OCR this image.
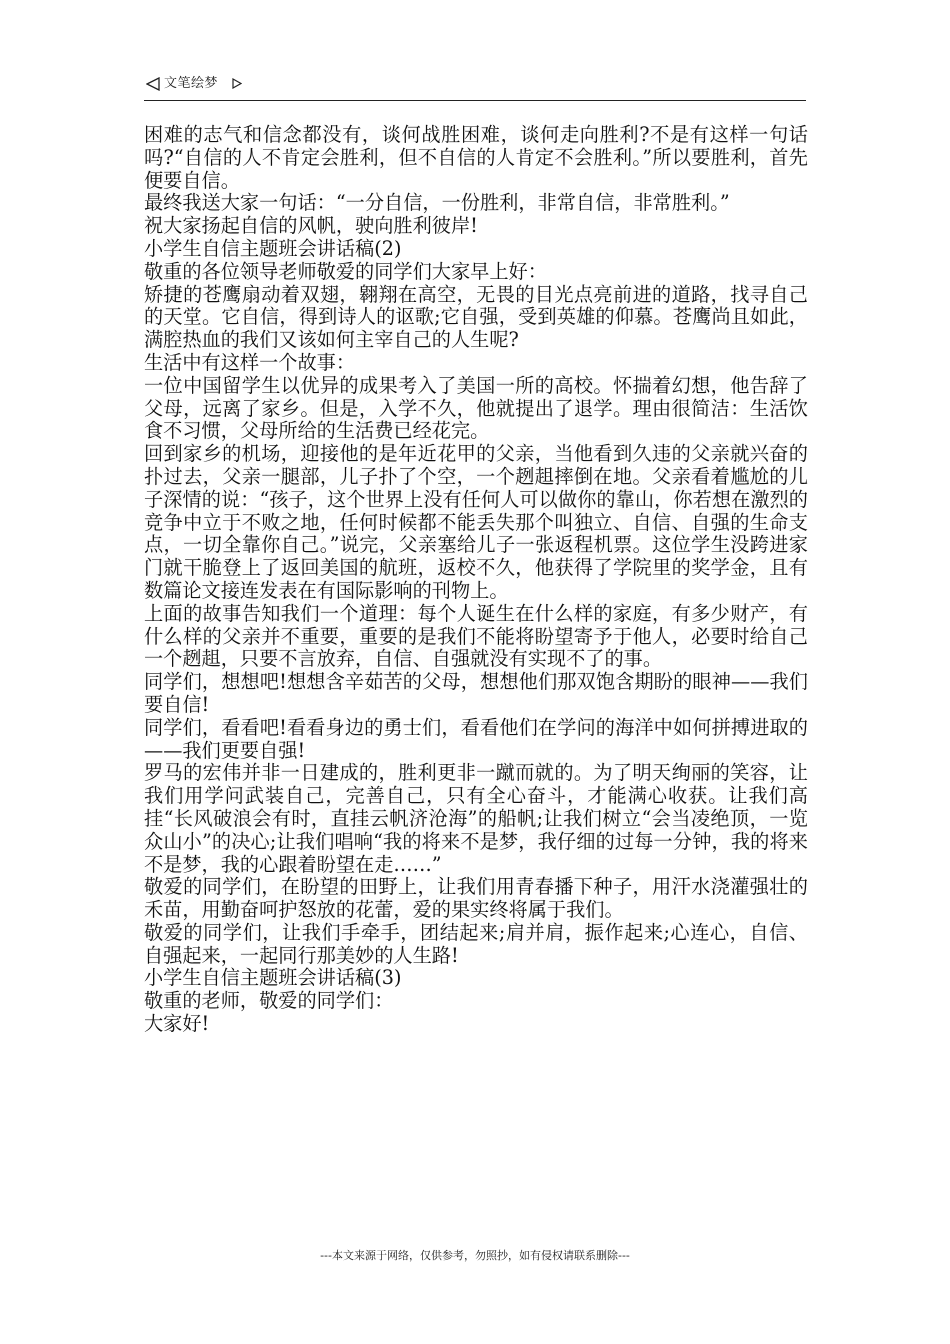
文笔绘梦

困难的志气和信念都没有，谈何战胜困难，谈何走向胜利?不是有这样一句话吗?“自信的人不肯定会胜利，但不自信的人肯定不会胜利。”所以要胜利，首先便要自信。

最终我送大家一句话：“一分自信，一份胜利，非常自信，非常胜利。”

祝大家扬起自信的风帆，驶向胜利彼岸!

小学生自信主题班会讲话稿(2)

敬重的各位领导老师敬爱的同学们大家早上好：

矫捷的苍鹰扇动着双翅，翱翔在高空，无畏的目光点亮前进的道路，找寻自己的天堂。它自信，得到诗人的讴歌;它自强，受到英雄的仰慕。苍鹰尚且如此，满腔热血的我们又该如何主宰自己的人生呢?

生活中有这样一个故事：

一位中国留学生以优异的成果考入了美国一所的高校。怀揣着幻想，他告辞了父母，远离了家乡。但是，入学不久，他就提出了退学。理由很简洁：生活饮食不习惯，父母所给的生活费已经花完。

回到家乡的机场，迎接他的是年近花甲的父亲，当他看到久违的父亲就兴奋的扑过去，父亲一腿部，儿子扑了个空，一个趔趄摔倒在地。父亲看着尴尬的儿子深情的说：“孩子，这个世界上没有任何人可以做你的靠山，你若想在激烈的竞争中立于不败之地，任何时候都不能丢失那个叫独立、自信、自强的生命支点，一切全靠你自己。”说完，父亲塞给儿子一张返程机票。这位学生没跨进家门就干脆登上了返回美国的航班，返校不久，他获得了学院里的奖学金，且有数篇论文接连发表在有国际影响的刊物上。

上面的故事告知我们一个道理：每个人诞生在什么样的家庭，有多少财产，有什么样的父亲并不重要，重要的是我们不能将盼望寄予于他人，必要时给自己一个趔趄，只要不言放弃，自信、自强就没有实现不了的事。

同学们，想想吧!想想含辛茹苦的父母，想想他们那双饱含期盼的眼神——我们要自信!

同学们，看看吧!看看身边的勇士们，看看他们在学问的海洋中如何拼搏进取的——我们更要自强!

罗马的宏伟并非一日建成的，胜利更非一蹴而就的。为了明天绚丽的笑容，让我们用学问武装自己，完善自己，只有全心奋斗，才能满心收获。让我们高挂“长风破浪会有时，直挂云帆济沧海”的船帆;让我们树立“会当凌绝顶，一览众山小”的决心;让我们唱响“我的将来不是梦，我仔细的过每一分钟，我的将来不是梦，我的心跟着盼望在走……”

敬爱的同学们，在盼望的田野上，让我们用青春播下种子，用汗水浇灌强壮的禾苗，用勤奋呵护怒放的花蕾，爱的果实终将属于我们。

敬爱的同学们，让我们手牵手，团结起来;肩并肩，振作起来;心连心，自信、自强起来，一起同行那美妙的人生路!

小学生自信主题班会讲话稿(3)

敬重的老师，敬爱的同学们：

大家好!

---本文来源于网络，仅供参考，勿照抄，如有侵权请联系删除---
